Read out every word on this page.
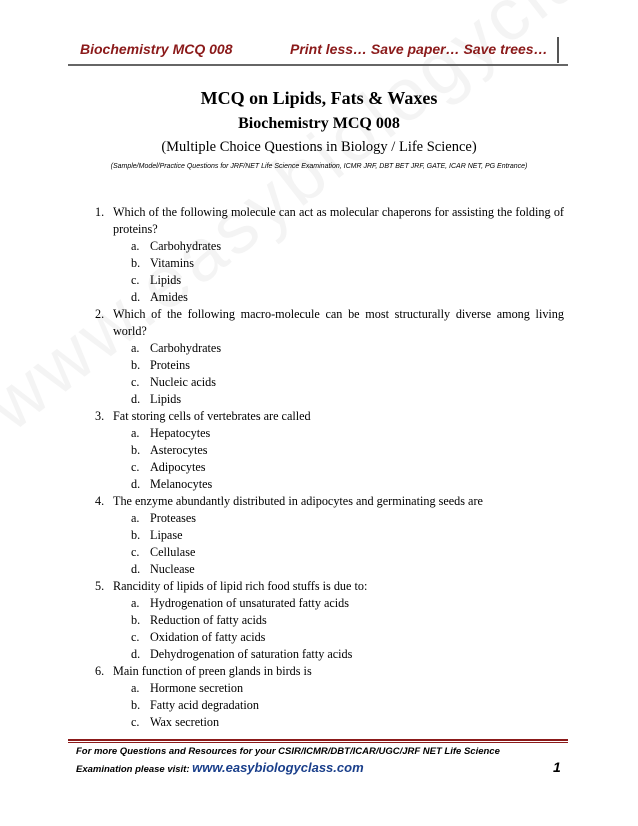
Biochemistry MCQ 008	Print less… Save paper… Save trees…
MCQ on Lipids, Fats & Waxes
Biochemistry MCQ 008
(Multiple Choice Questions in Biology / Life Science)
(Sample/Model/Practice Questions for JRF/NET Life Science Examination, ICMR JRF, DBT BET JRF, GATE, ICAR NET, PG Entrance)
1. Which of the following molecule can act as molecular chaperons for assisting the folding of proteins?
a. Carbohydrates
b. Vitamins
c. Lipids
d. Amides
2. Which of the following macro-molecule can be most structurally diverse among living world?
a. Carbohydrates
b. Proteins
c. Nucleic acids
d. Lipids
3. Fat storing cells of vertebrates are called
a. Hepatocytes
b. Asterocytes
c. Adipocytes
d. Melanocytes
4. The enzyme abundantly distributed in adipocytes and germinating seeds are
a. Proteases
b. Lipase
c. Cellulase
d. Nuclease
5. Rancidity of lipids of lipid rich food stuffs is due to:
a. Hydrogenation of unsaturated fatty acids
b. Reduction of fatty acids
c. Oxidation of fatty acids
d. Dehydrogenation of saturation fatty acids
6. Main function of preen glands in birds is
a. Hormone secretion
b. Fatty acid degradation
c. Wax secretion
For more Questions and Resources for your CSIR/ICMR/DBT/ICAR/UGC/JRF NET Life Science
Examination please visit: www.easybiologyclass.com	1
